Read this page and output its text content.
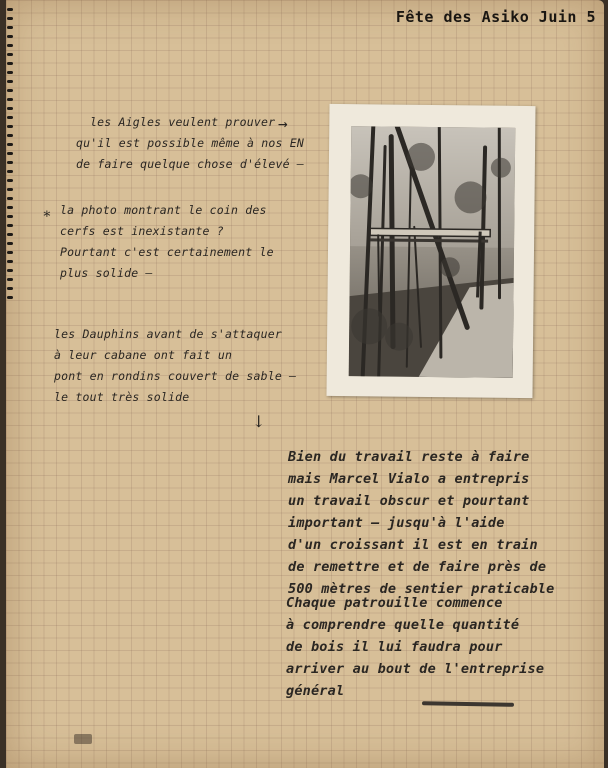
Fête des Asiko Juin 5
les Aigles veulent prouver
qu'il est possible même à nos EN
de faire quelque chose d'élevé –
→
∗ la photo montrant le coin des
cerfs est inexistante ?
Pourtant c'est certainement le
plus solide –
les Dauphins avant de s'attaquer
à leur cabane ont fait un
pont en rondins couvert de sable –
le tout très solide
↓
Bien du travail reste à faire
mais Marcel Vialo a entrepris
un travail obscur et pourtant
important – jusqu'à l'aide
d'un croissant il est en train
de remettre et de faire près de
500 mètres de sentier praticable
Chaque patrouille commence
à comprendre quelle quantité
de bois il lui faudra pour
arriver au bout de l'entreprise
général
